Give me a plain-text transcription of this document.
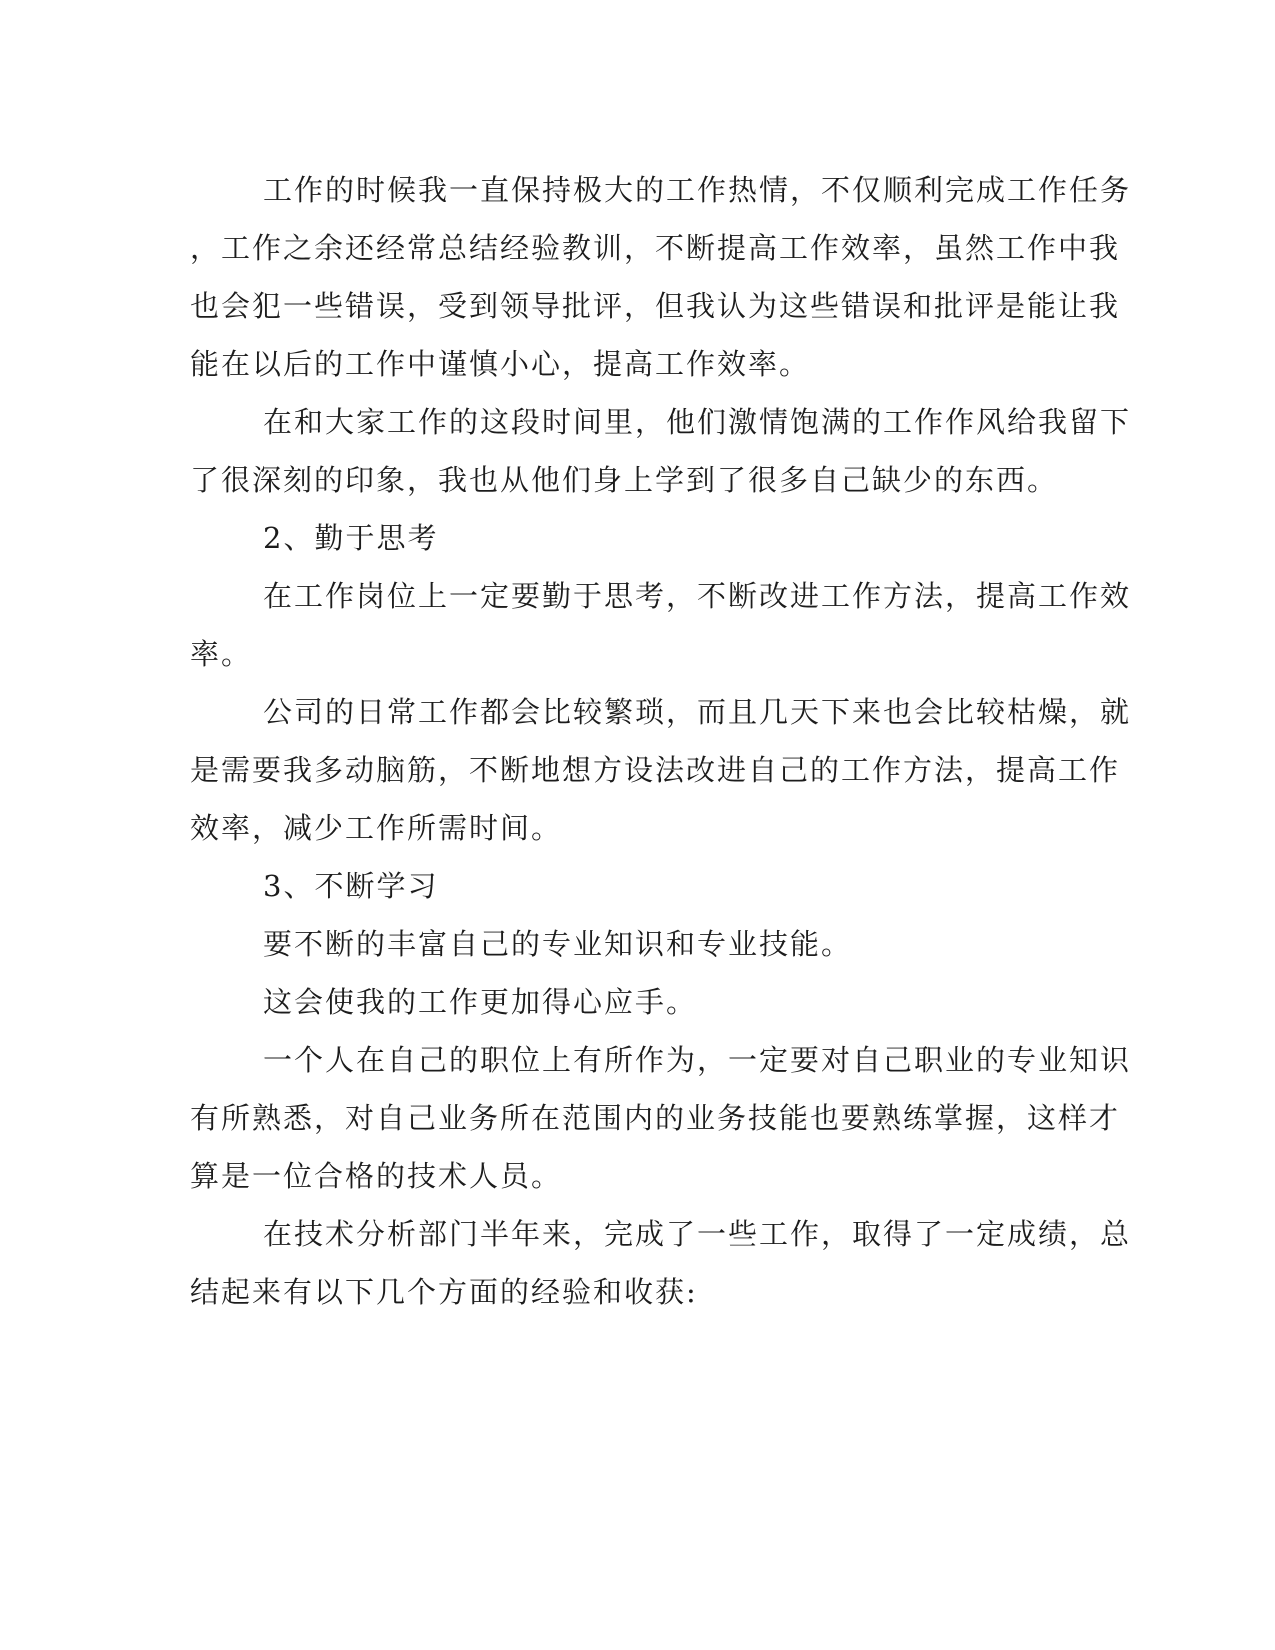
工作的时候我一直保持极大的工作热情，不仅顺利完成工作任务
，工作之余还经常总结经验教训，不断提高工作效率，虽然工作中我
也会犯一些错误，受到领导批评，但我认为这些错误和批评是能让我
能在以后的工作中谨慎小心，提高工作效率。
在和大家工作的这段时间里，他们激情饱满的工作作风给我留下
了很深刻的印象，我也从他们身上学到了很多自己缺少的东西。
2、勤于思考
在工作岗位上一定要勤于思考，不断改进工作方法，提高工作效
率。
公司的日常工作都会比较繁琐，而且几天下来也会比较枯燥，就
是需要我多动脑筋，不断地想方设法改进自己的工作方法，提高工作
效率，减少工作所需时间。
3、不断学习
要不断的丰富自己的专业知识和专业技能。
这会使我的工作更加得心应手。
一个人在自己的职位上有所作为，一定要对自己职业的专业知识
有所熟悉，对自己业务所在范围内的业务技能也要熟练掌握，这样才
算是一位合格的技术人员。
在技术分析部门半年来，完成了一些工作，取得了一定成绩，总
结起来有以下几个方面的经验和收获:
